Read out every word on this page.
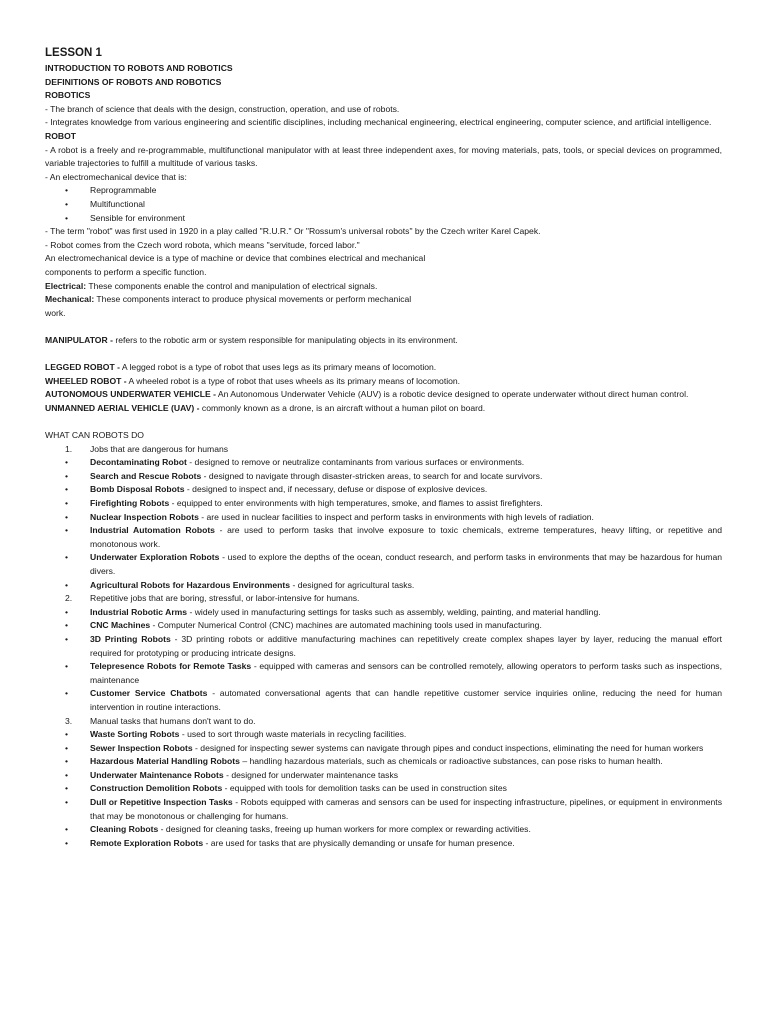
LESSON 1
INTRODUCTION TO ROBOTS AND ROBOTICS
DEFINITIONS OF ROBOTS AND ROBOTICS
ROBOTICS
- The branch of science that deals with the design, construction, operation, and use of robots.
- Integrates knowledge from various engineering and scientific disciplines, including mechanical engineering, electrical engineering, computer science, and artificial intelligence.
ROBOT
- A robot is a freely and re-programmable, multifunctional manipulator with at least three independent axes, for moving materials, pats, tools, or special devices on programmed, variable trajectories to fulfill a multitude of various tasks.
- An electromechanical device that is:
•	Reprogrammable
•	Multifunctional
•	Sensible for environment
- The term "robot" was first used in 1920 in a play called "R.U.R." Or "Rossum's universal robots" by the Czech writer Karel Capek.
- Robot comes from the Czech word robota, which means "servitude, forced labor."
An electromechanical device is a type of machine or device that combines electrical and mechanical
components to perform a specific function.
Electrical: These components enable the control and manipulation of electrical signals.
Mechanical: These components interact to produce physical movements or perform mechanical
work.
MANIPULATOR - refers to the robotic arm or system responsible for manipulating objects in its environment.
LEGGED ROBOT - A legged robot is a type of robot that uses legs as its primary means of locomotion.
WHEELED ROBOT - A wheeled robot is a type of robot that uses wheels as its primary means of locomotion.
AUTONOMOUS UNDERWATER VEHICLE - An Autonomous Underwater Vehicle (AUV) is a robotic device designed to operate underwater without direct human control.
UNMANNED AERIAL VEHICLE (UAV) - commonly known as a drone, is an aircraft without a human pilot on board.
WHAT CAN ROBOTS DO
1. Jobs that are dangerous for humans
•	Decontaminating Robot - designed to remove or neutralize contaminants from various surfaces or environments.
•	Search and Rescue Robots - designed to navigate through disaster-stricken areas, to search for and locate survivors.
•	Bomb Disposal Robots - designed to inspect and, if necessary, defuse or dispose of explosive devices.
•	Firefighting Robots - equipped to enter environments with high temperatures, smoke, and flames to assist firefighters.
•	Nuclear Inspection Robots - are used in nuclear facilities to inspect and perform tasks in environments with high levels of radiation.
•	Industrial Automation Robots - are used to perform tasks that involve exposure to toxic chemicals, extreme temperatures, heavy lifting, or repetitive and monotonous work.
•	Underwater Exploration Robots - used to explore the depths of the ocean, conduct research, and perform tasks in environments that may be hazardous for human divers.
•	Agricultural Robots for Hazardous Environments - designed for agricultural tasks.
2. Repetitive jobs that are boring, stressful, or labor-intensive for humans.
•	Industrial Robotic Arms - widely used in manufacturing settings for tasks such as assembly, welding, painting, and material handling.
•	CNC Machines - Computer Numerical Control (CNC) machines are automated machining tools used in manufacturing.
•	3D Printing Robots - 3D printing robots or additive manufacturing machines can repetitively create complex shapes layer by layer, reducing the manual effort required for prototyping or producing intricate designs.
•	Telepresence Robots for Remote Tasks - equipped with cameras and sensors can be controlled remotely, allowing operators to perform tasks such as inspections, maintenance
•	Customer Service Chatbots - automated conversational agents that can handle repetitive customer service inquiries online, reducing the need for human intervention in routine interactions.
3. Manual tasks that humans don't want to do.
•	Waste Sorting Robots - used to sort through waste materials in recycling facilities.
•	Sewer Inspection Robots - designed for inspecting sewer systems can navigate through pipes and conduct inspections, eliminating the need for human workers
•	Hazardous Material Handling Robots – handling hazardous materials, such as chemicals or radioactive substances, can pose risks to human health.
•	Underwater Maintenance Robots - designed for underwater maintenance tasks
•	Construction Demolition Robots - equipped with tools for demolition tasks can be used in construction sites
•	Dull or Repetitive Inspection Tasks - Robots equipped with cameras and sensors can be used for inspecting infrastructure, pipelines, or equipment in environments that may be monotonous or challenging for humans.
•	Cleaning Robots - designed for cleaning tasks, freeing up human workers for more complex or rewarding activities.
•	Remote Exploration Robots - are used for tasks that are physically demanding or unsafe for human presence.
